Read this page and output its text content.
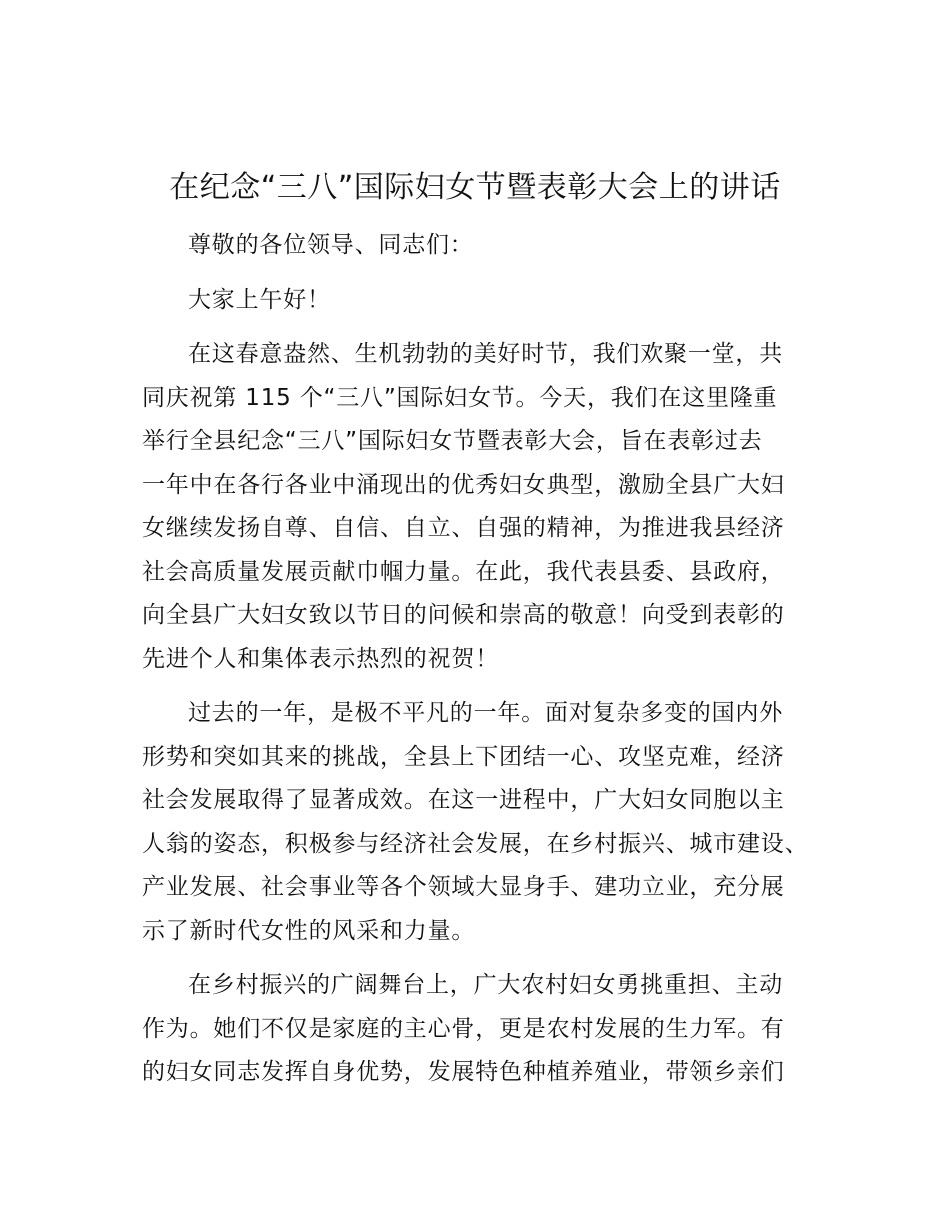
在纪念“三八”国际妇女节暨表彰大会上的讲话

尊敬的各位领导、同志们：

大家上午好！

在这春意盎然、生机勃勃的美好时节，我们欢聚一堂，共
同庆祝第 115 个“三八”国际妇女节。今天，我们在这里隆重
举行全县纪念“三八”国际妇女节暨表彰大会，旨在表彰过去
一年中在各行各业中涌现出的优秀妇女典型，激励全县广大妇
女继续发扬自尊、自信、自立、自强的精神，为推进我县经济
社会高质量发展贡献巾帼力量。在此，我代表县委、县政府，
向全县广大妇女致以节日的问候和崇高的敬意！向受到表彰的
先进个人和集体表示热烈的祝贺！

过去的一年，是极不平凡的一年。面对复杂多变的国内外
形势和突如其来的挑战，全县上下团结一心、攻坚克难，经济
社会发展取得了显著成效。在这一进程中，广大妇女同胞以主
人翁的姿态，积极参与经济社会发展，在乡村振兴、城市建设、
产业发展、社会事业等各个领域大显身手、建功立业，充分展
示了新时代女性的风采和力量。

在乡村振兴的广阔舞台上，广大农村妇女勇挑重担、主动
作为。她们不仅是家庭的主心骨，更是农村发展的生力军。有
的妇女同志发挥自身优势，发展特色种植养殖业，带领乡亲们
